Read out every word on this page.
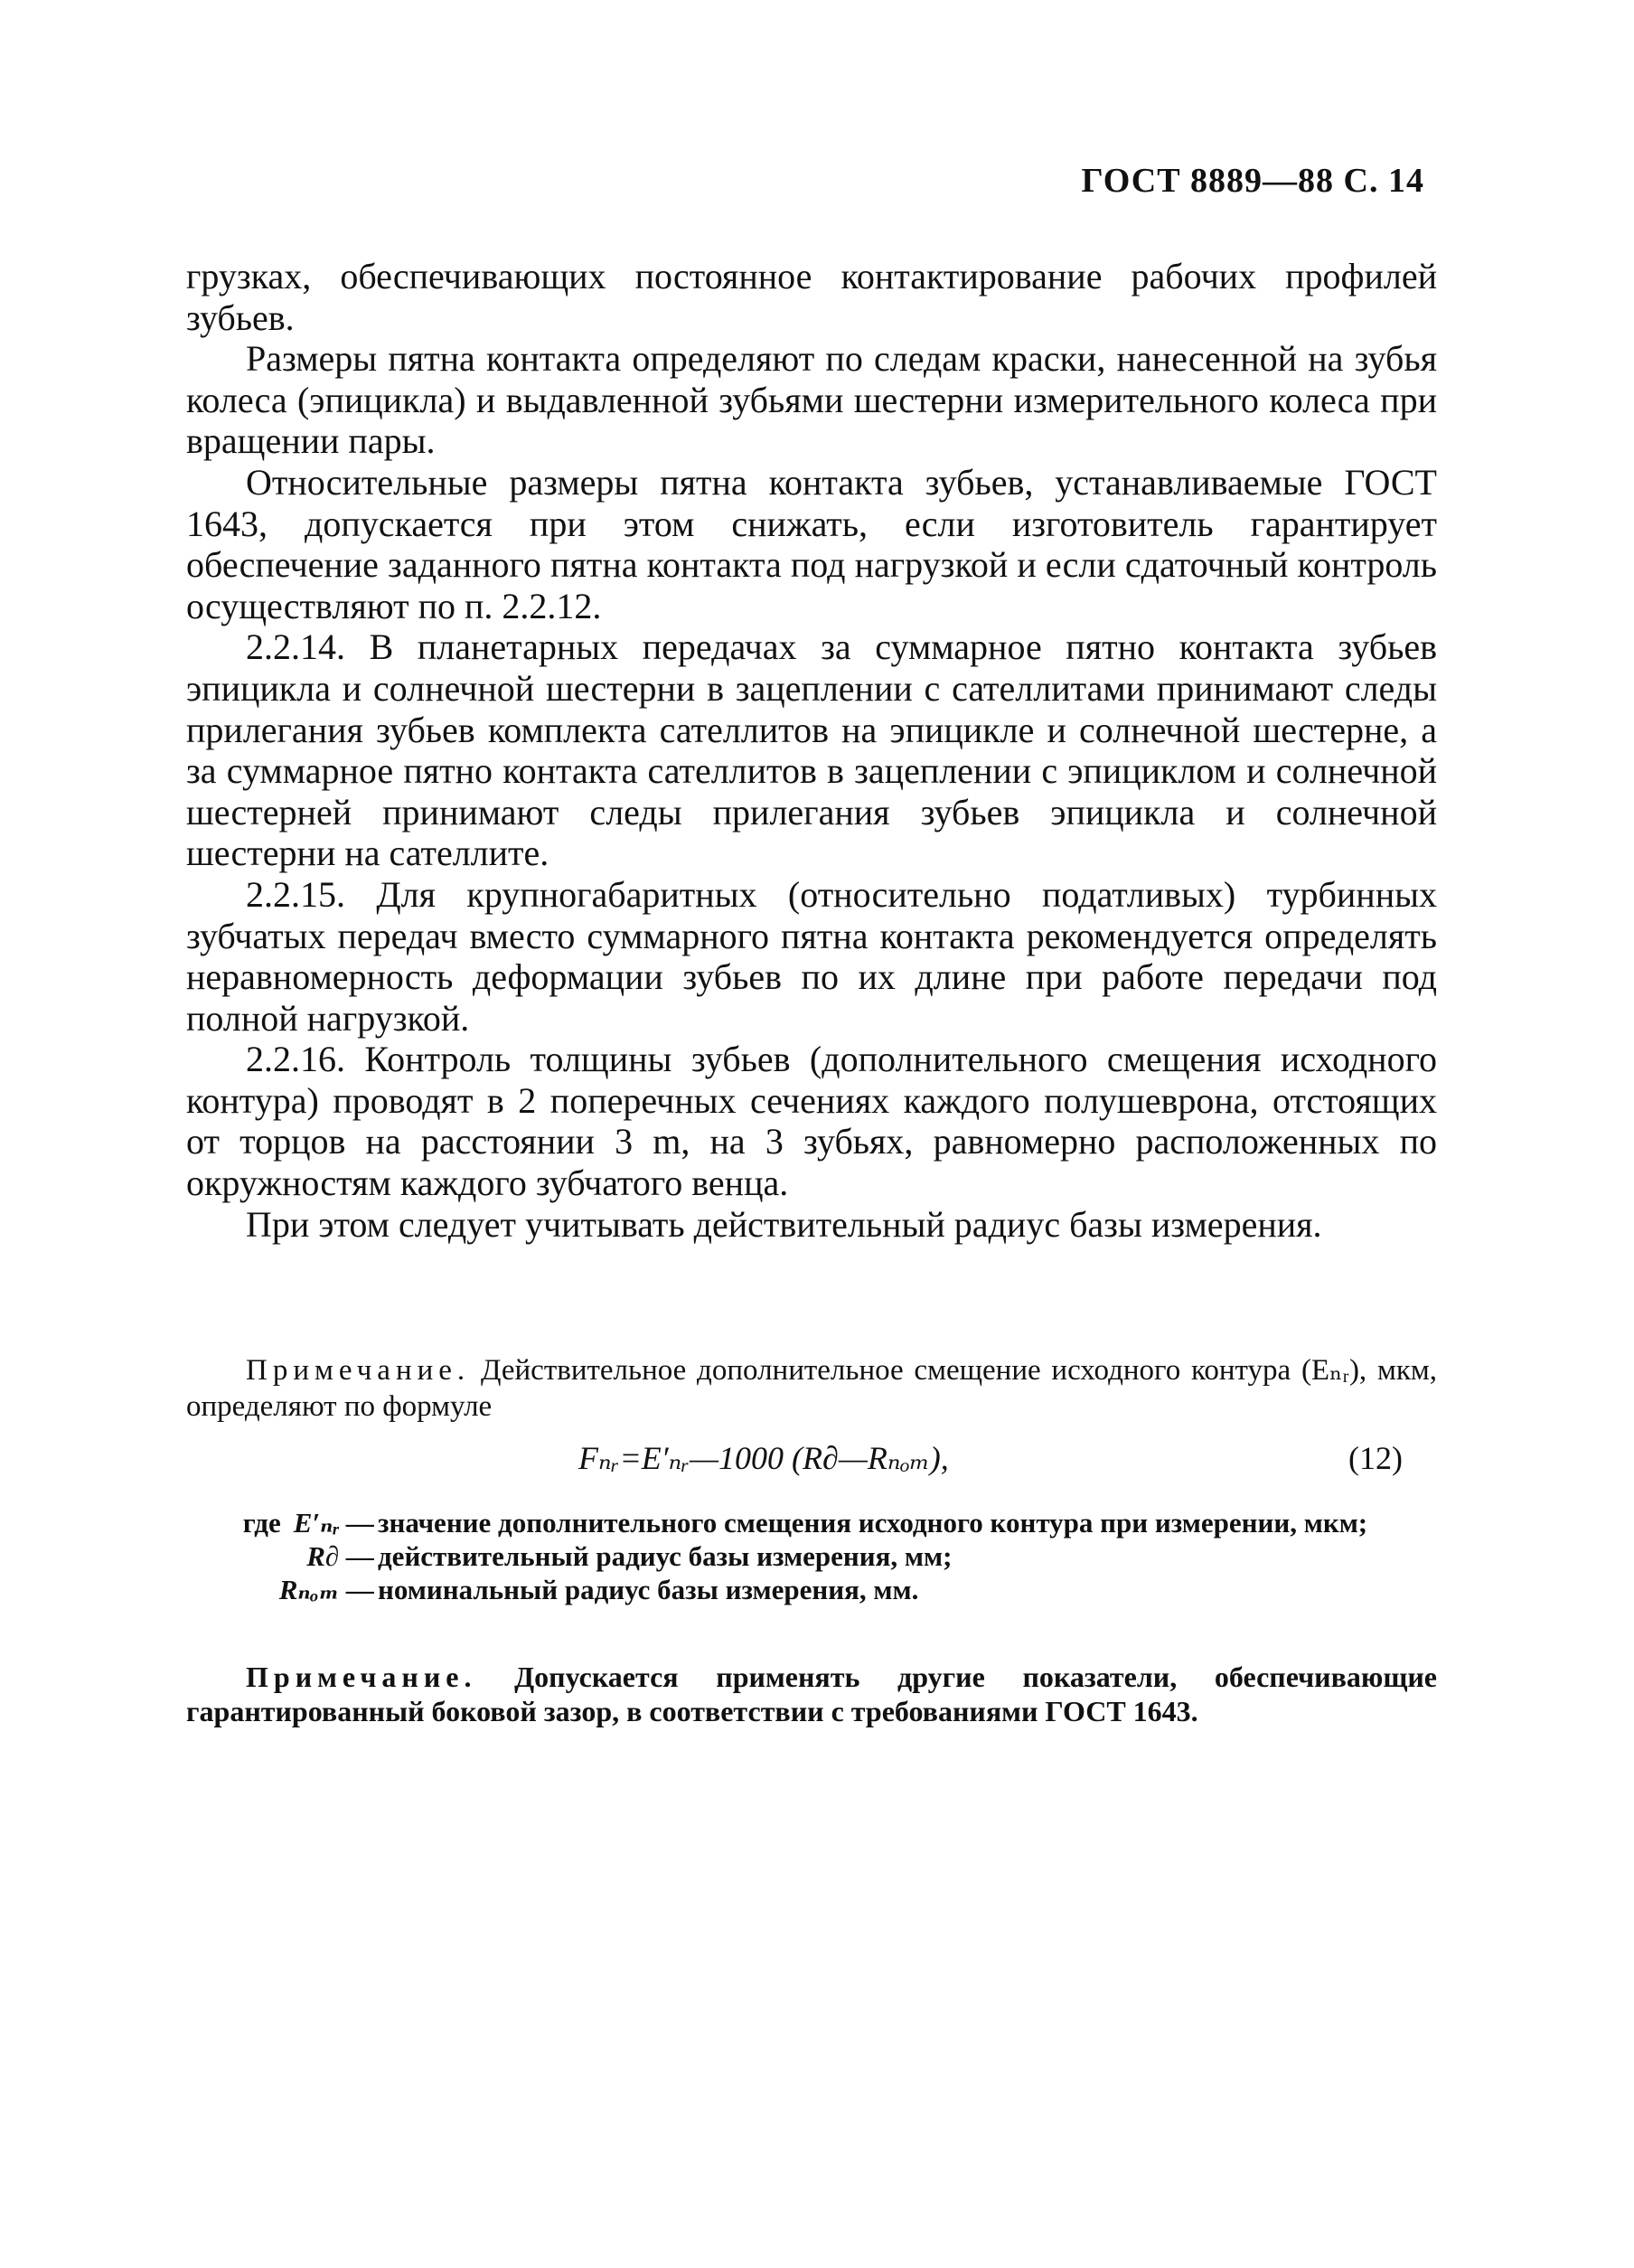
ГОСТ 8889—88 С. 14

грузках, обеспечивающих постоянное контактирование рабочих профилей зубьев.

Размеры пятна контакта определяют по следам краски, нанесенной на зубья колеса (эпицикла) и выдавленной зубьями шестерни измерительного колеса при вращении пары.

Относительные размеры пятна контакта зубьев, устанавливаемые ГОСТ 1643, допускается при этом снижать, если изготовитель гарантирует обеспечение заданного пятна контакта под нагрузкой и если сдаточный контроль осуществляют по п. 2.2.12.

2.2.14. В планетарных передачах за суммарное пятно контакта зубьев эпицикла и солнечной шестерни в зацеплении с сателлитами принимают следы прилегания зубьев комплекта сателлитов на эпицикле и солнечной шестерне, а за суммарное пятно контакта сателлитов в зацеплении с эпициклом и солнечной шестерней принимают следы прилегания зубьев эпицикла и солнечной шестерни на сателлите.

2.2.15. Для крупногабаритных (относительно податливых) турбинных зубчатых передач вместо суммарного пятна контакта рекомендуется определять неравномерность деформации зубьев по их длине при работе передачи под полной нагрузкой.

2.2.16. Контроль толщины зубьев (дополнительного смещения исходного контура) проводят в 2 поперечных сечениях каждого полушеврона, отстоящих от торцов на расстоянии 3 m, на 3 зубьях, равномерно расположенных по окружностям каждого зубчатого венца.

При этом следует учитывать действительный радиус базы измерения.

Примечание. Действительное дополнительное смещение исходного контура (Eₙᵣ), мкм, определяют по формуле

Fₙᵣ=E′ₙᵣ—1000 (R∂—Rₙₒₘ),	(12)
где E′ₙᵣ — значение дополнительного смещения исходного контура при измерении, мкм;
R∂ — действительный радиус базы измерения, мм;
Rₙₒₘ — номинальный радиус базы измерения, мм.

Примечание. Допускается применять другие показатели, обеспечивающие гарантированный боковой зазор, в соответствии с требованиями ГОСТ 1643.
